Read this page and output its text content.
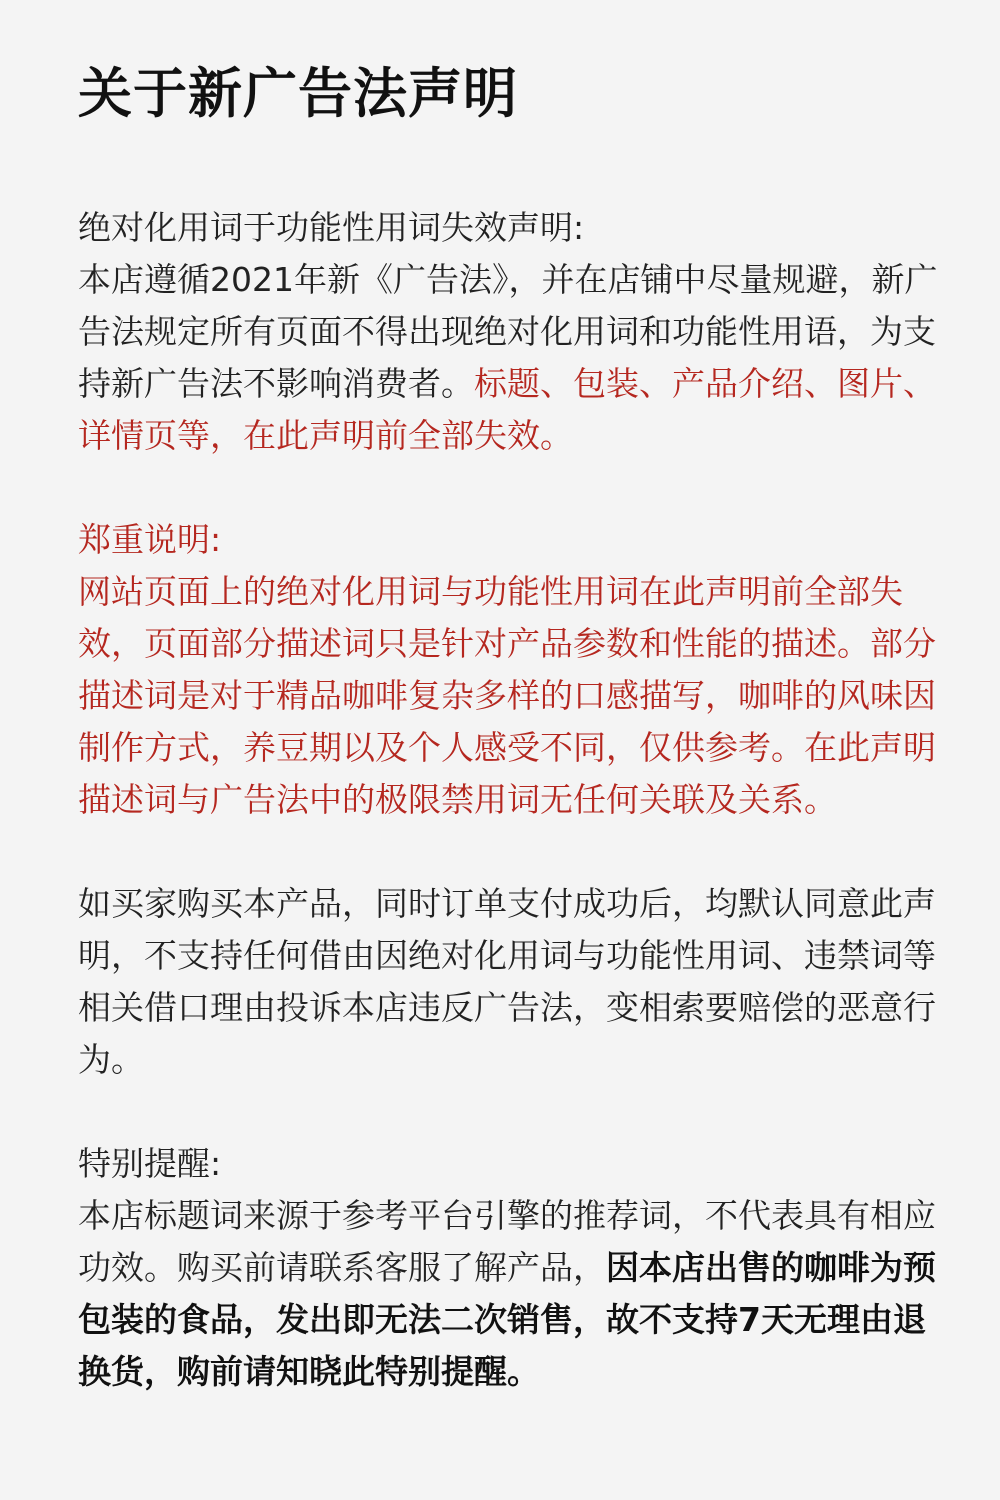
关于新广告法声明
绝对化用词于功能性用词失效声明:
本店遵循2021年新《广告法》，并在店铺中尽量规避，新广告法规定所有页面不得出现绝对化用词和功能性用语，为支持新广告法不影响消费者。标题、包装、产品介绍、图片、详情页等，在此声明前全部失效。
郑重说明:
网站页面上的绝对化用词与功能性用词在此声明前全部失效，页面部分描述词只是针对产品参数和性能的描述。部分描述词是对于精品咖啡复杂多样的口感描写，咖啡的风味因制作方式，养豆期以及个人感受不同，仅供参考。在此声明描述词与广告法中的极限禁用词无任何关联及关系。
如买家购买本产品，同时订单支付成功后，均默认同意此声明，不支持任何借由因绝对化用词与功能性用词、违禁词等相关借口理由投诉本店违反广告法，变相索要赔偿的恶意行为。
特别提醒:
本店标题词来源于参考平台引擎的推荐词，不代表具有相应功效。购买前请联系客服了解产品，因本店出售的咖啡为预包装的食品，发出即无法二次销售，故不支持7天无理由退换货，购前请知晓此特别提醒。
